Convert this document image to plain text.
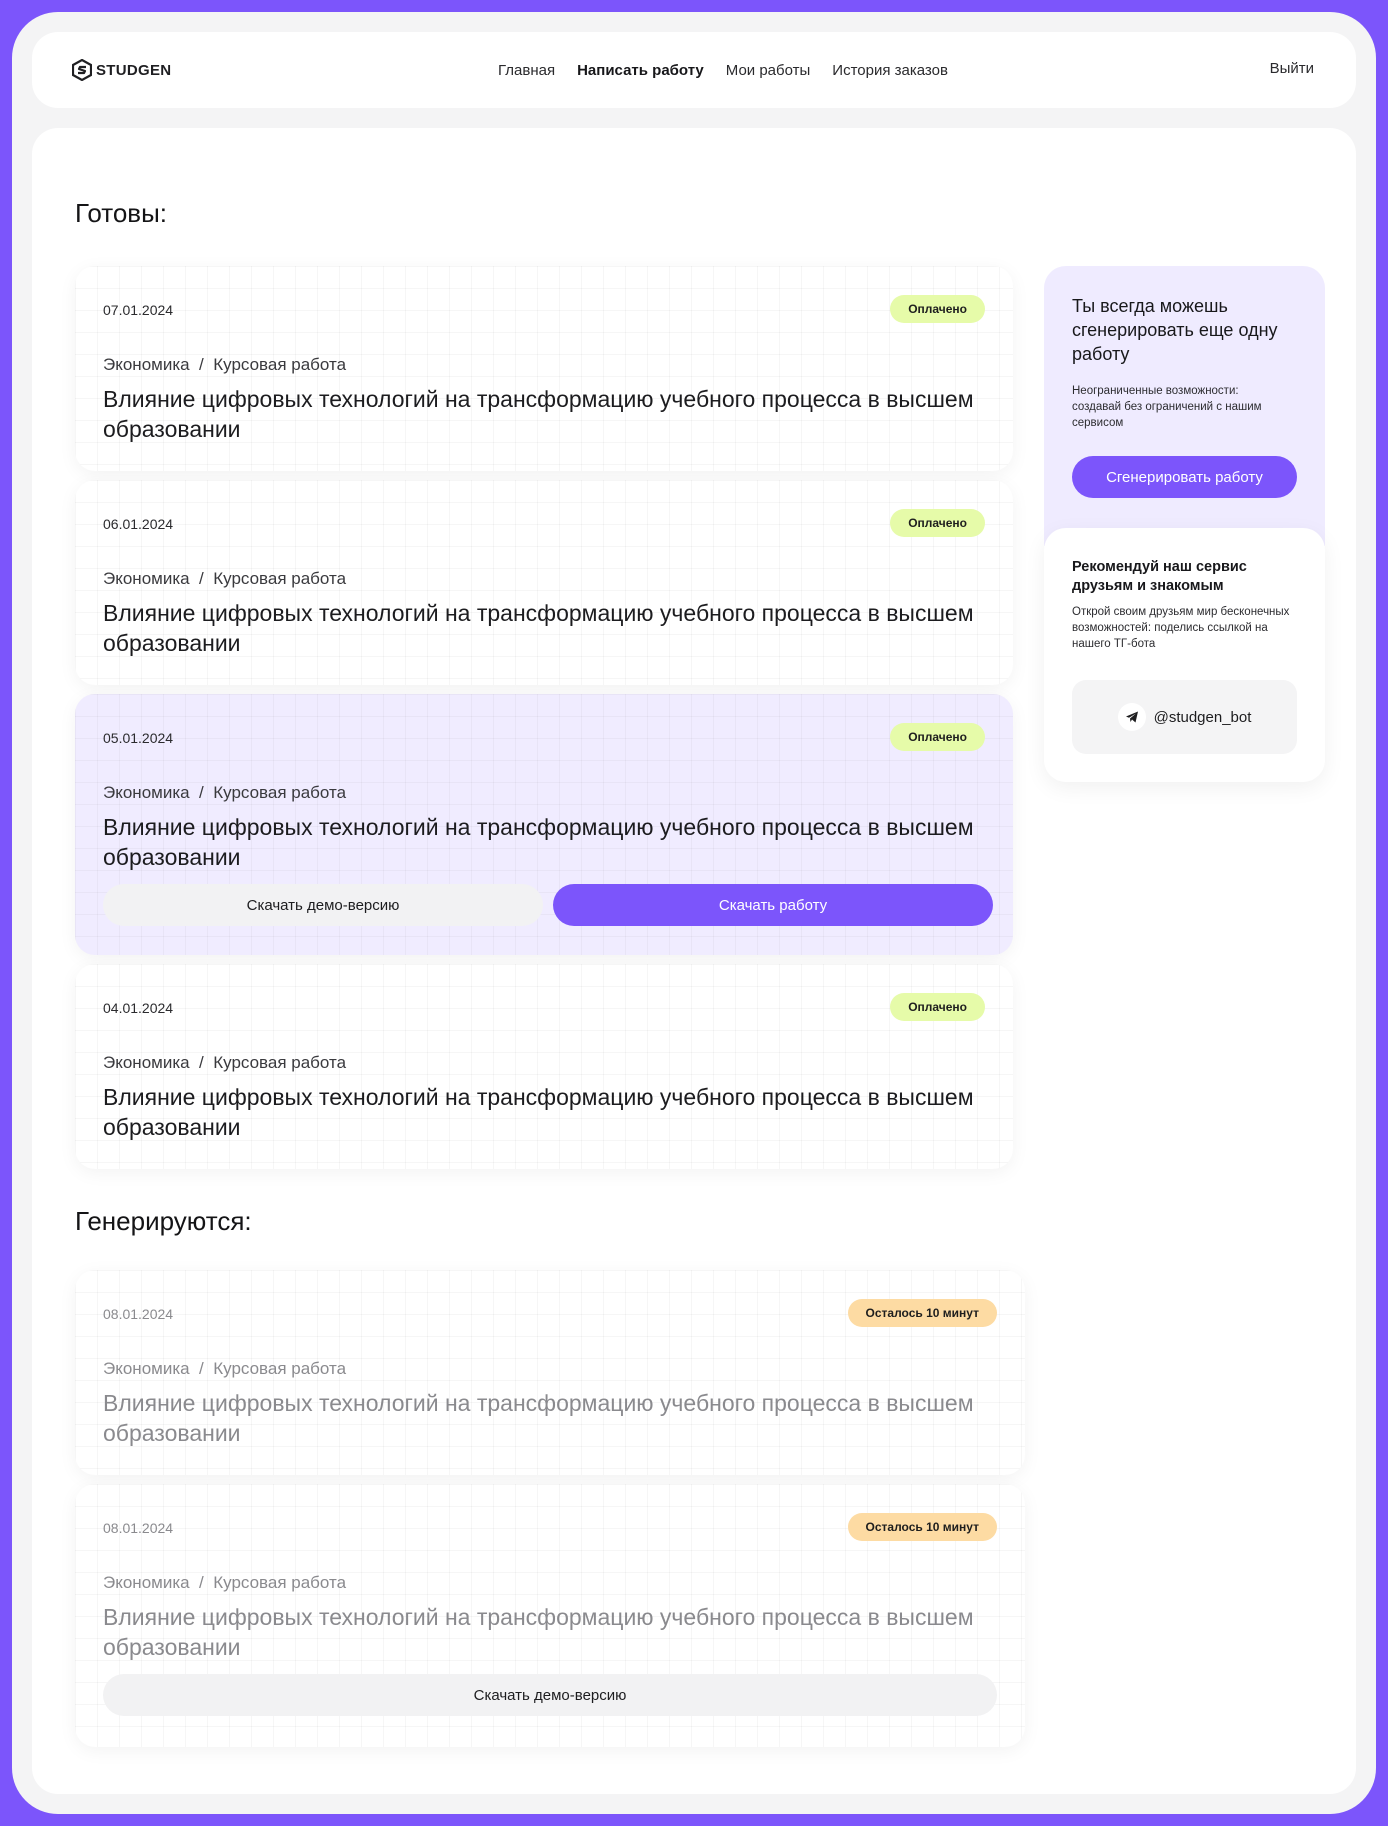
STUDGEN	Главная Написать работу Мои работы История заказов	Выйти
Готовы:
07.01.2024	Оплачено
Экономика / Курсовая работа
Влияние цифровых технологий на трансформацию учебного процесса в высшем образовании
06.01.2024	Оплачено
Экономика / Курсовая работа
Влияние цифровых технологий на трансформацию учебного процесса в высшем образовании
05.01.2024	Оплачено
Экономика / Курсовая работа
Влияние цифровых технологий на трансформацию учебного процесса в высшем образовании
Скачать демо-версию	Скачать работу
04.01.2024	Оплачено
Экономика / Курсовая работа
Влияние цифровых технологий на трансформацию учебного процесса в высшем образовании
Генерируются:
08.01.2024	Осталось 10 минут
Экономика / Курсовая работа
Влияние цифровых технологий на трансформацию учебного процесса в высшем образовании
08.01.2024	Осталось 10 минут
Экономика / Курсовая работа
Влияние цифровых технологий на трансформацию учебного процесса в высшем образовании
Скачать демо-версию
Ты всегда можешь сгенерировать еще одну работу
Неограниченные возможности: создавай без ограничений с нашим сервисом
Сгенерировать работу
Рекомендуй наш сервис друзьям и знакомым
Открой своим друзьям мир бесконечных возможностей: поделись ссылкой на нашего ТГ-бота
@studgen_bot
